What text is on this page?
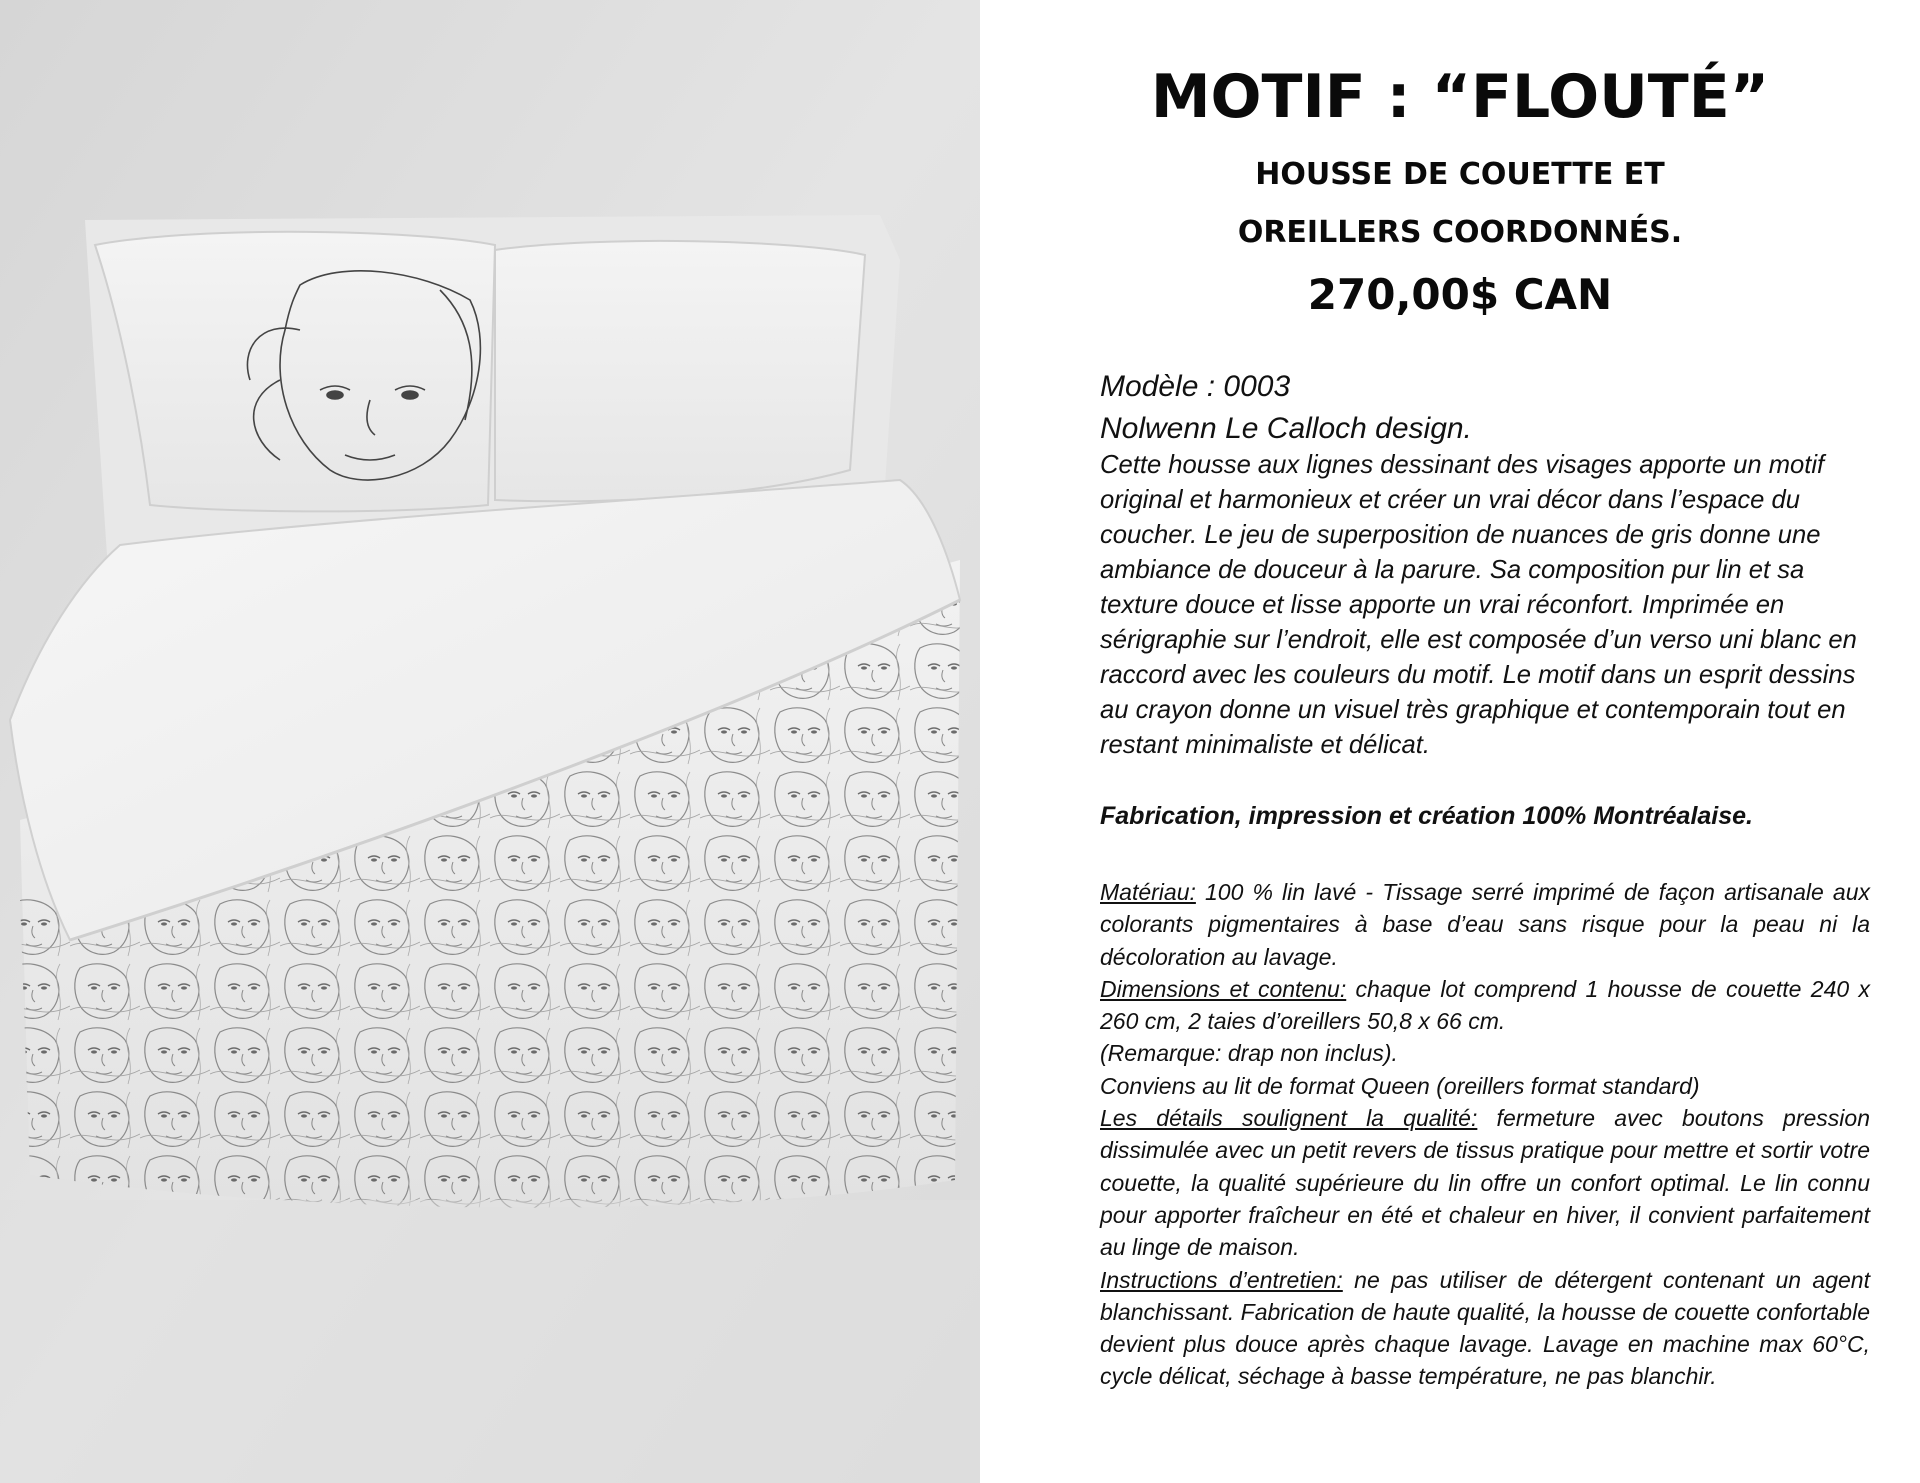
MOTIF : “FLOUTÉ”
HOUSSE DE COUETTE ET
OREILLERS COORDONNÉS.
270,00$ CAN
Modèle : 0003
Nolwenn Le Calloch design.

Cette housse aux lignes dessinant des visages apporte un motif original et harmonieux et créer un vrai décor dans l’espace du coucher. Le jeu de superposition de nuances de gris donne une ambiance de douceur à la parure. Sa composition pur lin et sa texture douce et lisse apporte un vrai réconfort. Imprimée en sérigraphie sur l’endroit, elle est composée d’un verso uni blanc en raccord avec les couleurs du motif. Le motif dans un esprit dessins au crayon donne un visuel très graphique et contemporain tout en restant minimaliste et délicat.

Fabrication, impression et création 100% Montréalaise.

Matériau: 100 % lin lavé - Tissage serré imprimé de façon artisanale aux colorants pigmentaires à base d’eau sans risque pour la peau ni la décoloration au lavage.

Dimensions et contenu: chaque lot comprend 1 housse de couette 240 x 260 cm, 2 taies d’oreillers 50,8 x 66 cm.

(Remarque: drap non inclus).

Conviens au lit de format Queen (oreillers format standard)

Les détails soulignent la qualité: fermeture avec boutons pression dissimulée avec un petit revers de tissus pratique pour mettre et sortir votre couette, la qualité supérieure du lin offre un confort optimal. Le lin connu pour apporter fraîcheur en été et chaleur en hiver, il convient parfaitement au linge de maison.

Instructions d’entretien: ne pas utiliser de détergent contenant un agent blanchissant. Fabrication de haute qualité, la housse de couette confortable devient plus douce après chaque lavage. Lavage en machine max 60°C, cycle délicat, séchage à basse température, ne pas blanchir.
